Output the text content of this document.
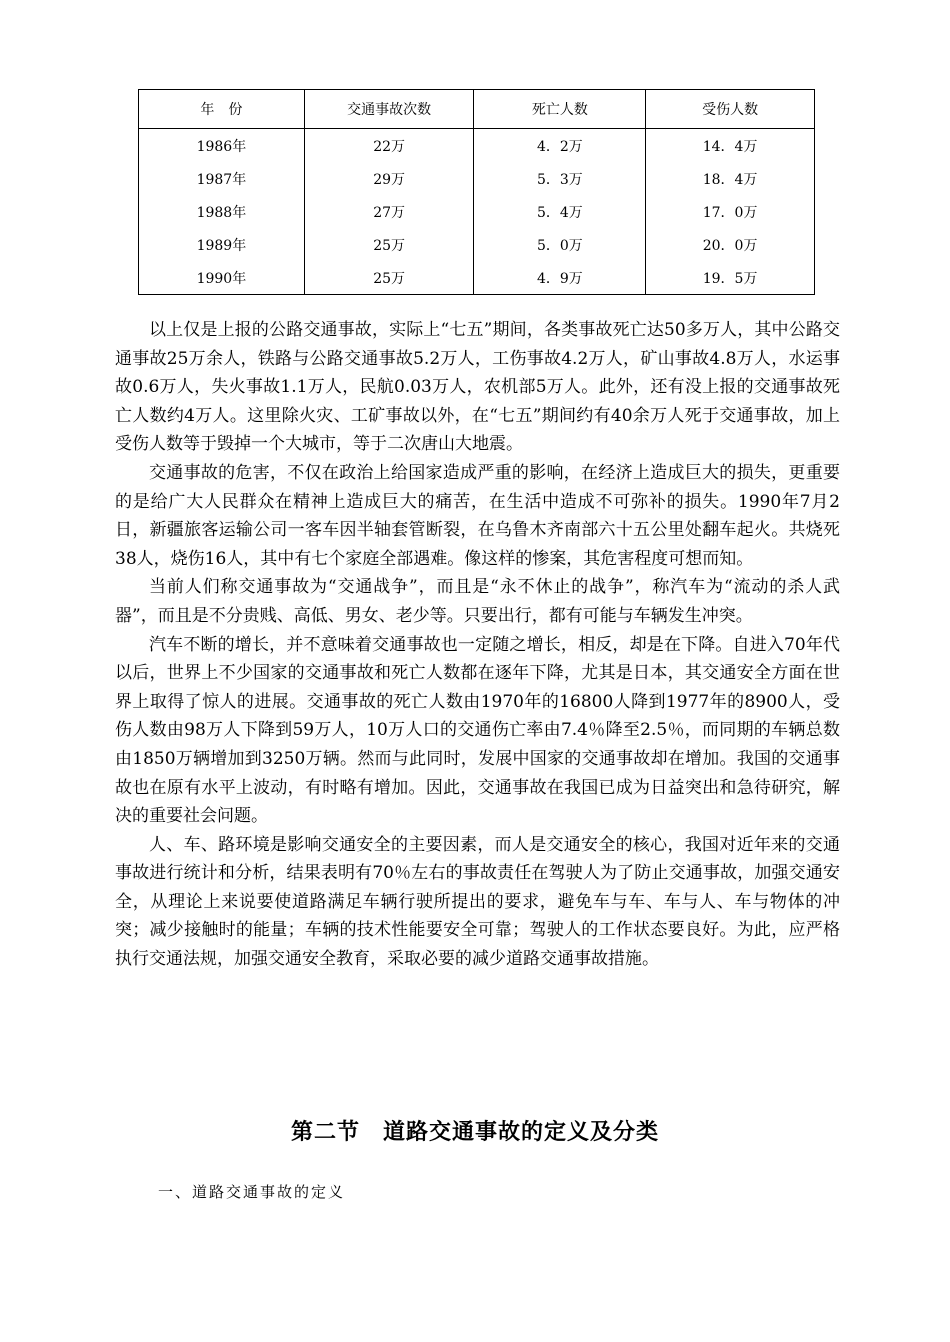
年　份	交通事故次数	死亡人数	受伤人数
1986年	22万	4．2万	14．4万
1987年	29万	5．3万	18．4万
1988年	27万	5．4万	17．0万
1989年	25万	5．0万	20．0万
1990年	25万	4．9万	19．5万

以上仅是上报的公路交通事故，实际上“七五”期间，各类事故死亡达50多万人，其中公路交通事故25万余人，铁路与公路交通事故5.2万人，工伤事故4.2万人，矿山事故4.8万人，水运事故0.6万人，失火事故1.1万人，民航0.03万人，农机部5万人。此外，还有没上报的交通事故死亡人数约4万人。这里除火灾、工矿事故以外，在“七五”期间约有40余万人死于交通事故，加上受伤人数等于毁掉一个大城市，等于二次唐山大地震。

交通事故的危害，不仅在政治上给国家造成严重的影响，在经济上造成巨大的损失，更重要的是给广大人民群众在精神上造成巨大的痛苦，在生活中造成不可弥补的损失。1990年7月2日，新疆旅客运输公司一客车因半轴套管断裂，在乌鲁木齐南部六十五公里处翻车起火。共烧死38人，烧伤16人，其中有七个家庭全部遇难。像这样的惨案，其危害程度可想而知。

当前人们称交通事故为“交通战争”，而且是“永不休止的战争”，称汽车为“流动的杀人武器”，而且是不分贵贱、高低、男女、老少等。只要出行，都有可能与车辆发生冲突。

汽车不断的增长，并不意味着交通事故也一定随之增长，相反，却是在下降。自进入70年代以后，世界上不少国家的交通事故和死亡人数都在逐年下降，尤其是日本，其交通安全方面在世界上取得了惊人的进展。交通事故的死亡人数由1970年的16800人降到1977年的8900人，受伤人数由98万人下降到59万人，10万人口的交通伤亡率由7.4％降至2.5％，而同期的车辆总数由1850万辆增加到3250万辆。然而与此同时，发展中国家的交通事故却在增加。我国的交通事故也在原有水平上波动，有时略有增加。因此，交通事故在我国已成为日益突出和急待研究，解决的重要社会问题。

人、车、路环境是影响交通安全的主要因素，而人是交通安全的核心，我国对近年来的交通事故进行统计和分析，结果表明有70％左右的事故责任在驾驶人为了防止交通事故，加强交通安全，从理论上来说要使道路满足车辆行驶所提出的要求，避免车与车、车与人、车与物体的冲突；减少接触时的能量；车辆的技术性能要安全可靠；驾驶人的工作状态要良好。为此，应严格执行交通法规，加强交通安全教育，采取必要的减少道路交通事故措施。

第二节　道路交通事故的定义及分类
一、道路交通事故的定义
